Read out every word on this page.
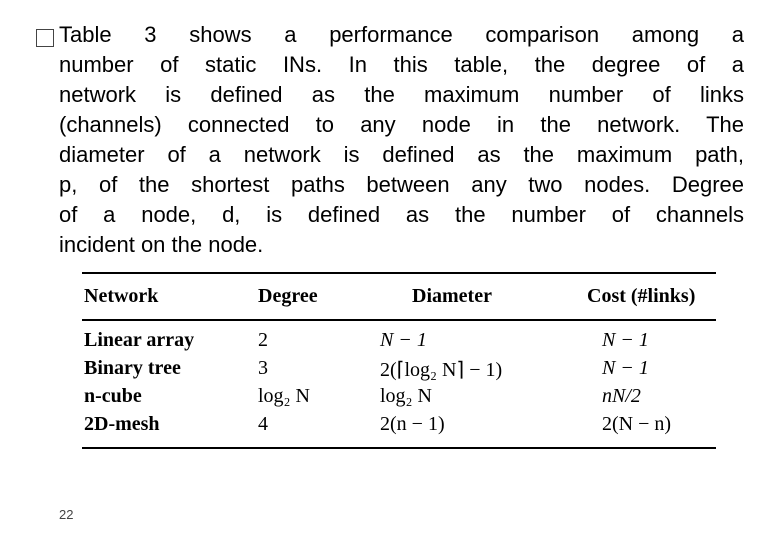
Table 3 shows a performance comparison among a
number of static INs. In this table, the degree of a
network is defined as the maximum number of links
(channels) connected to any node in the network. The
diameter of a network is defined as the maximum path,
p, of the shortest paths between any two nodes. Degree
of a node, d, is defined as the number of channels
incident on the node.
Network	Degree	Diameter	Cost (#links)
Linear array	2	N − 1	N − 1
Binary tree	3	2(⌈log₂ N⌉ − 1)	N − 1
n-cube	log₂ N	log₂ N	nN/2
2D-mesh	4	2(n − 1)	2(N − n)
22
